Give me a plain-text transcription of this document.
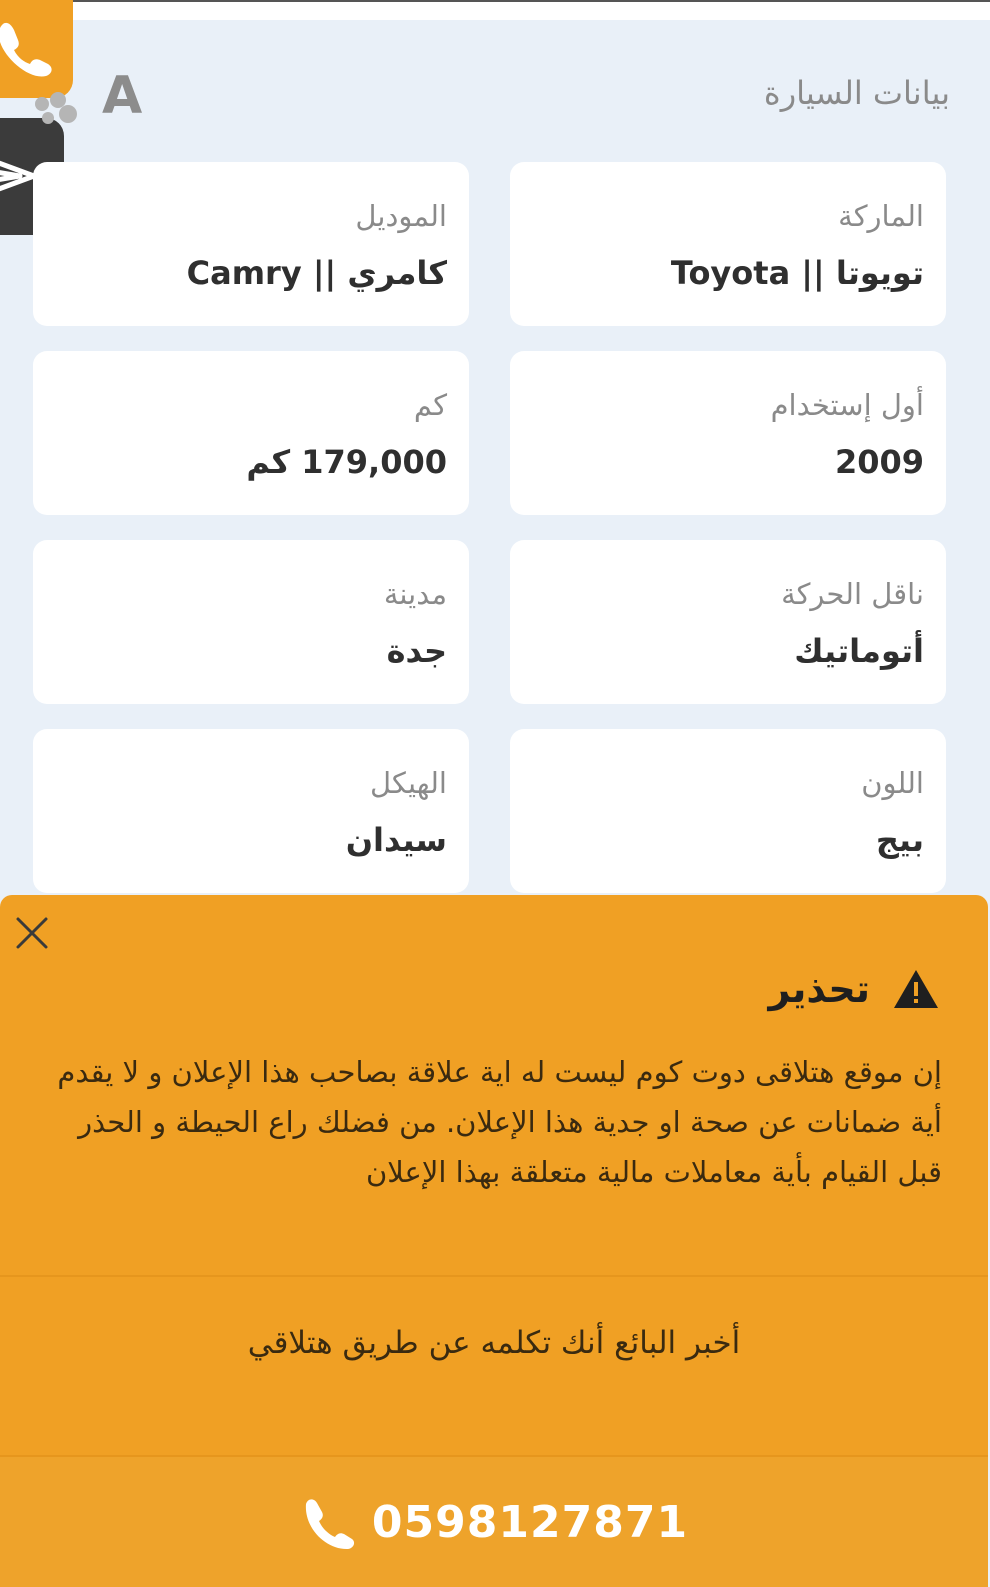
بيانات السيارة
A
الماركة
تويوتا || Toyota
الموديل
كامري || Camry
أول إستخدام
2009
كم
179,000 كم
ناقل الحركة
أتوماتيك
مدينة
جدة
اللون
بيج
الهيكل
سيدان
تحذير
إن موقع هتلاقى دوت كوم ليست له اية علاقة بصاحب هذا الإعلان و لا يقدم أية ضمانات عن صحة او جدية هذا الإعلان. من فضلك راع الحيطة و الحذر قبل القيام بأية معاملات مالية متعلقة بهذا الإعلان
أخبر البائع أنك تكلمه عن طريق هتلاقي
0598127871
